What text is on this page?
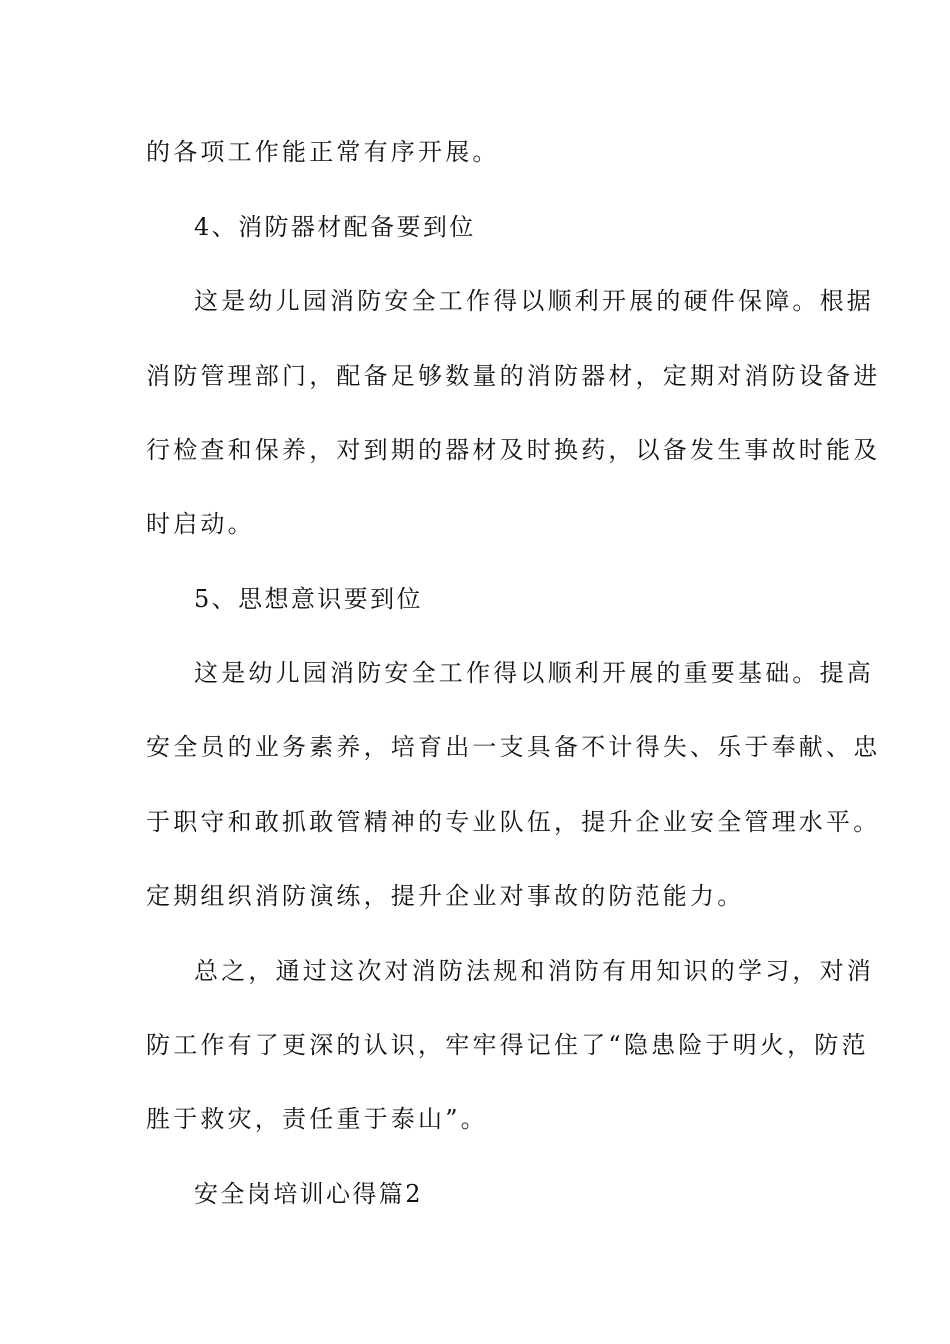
的各项工作能正常有序开展。
4、消防器材配备要到位
这是幼儿园消防安全工作得以顺利开展的硬件保障。根据
消防管理部门，配备足够数量的消防器材，定期对消防设备进
行检查和保养，对到期的器材及时换药，以备发生事故时能及
时启动。
5、思想意识要到位
这是幼儿园消防安全工作得以顺利开展的重要基础。提高
安全员的业务素养，培育出一支具备不计得失、乐于奉献、忠
于职守和敢抓敢管精神的专业队伍，提升企业安全管理水平。
定期组织消防演练，提升企业对事故的防范能力。
总之，通过这次对消防法规和消防有用知识的学习，对消
防工作有了更深的认识，牢牢得记住了“隐患险于明火，防范
胜于救灾，责任重于泰山”。
安全岗培训心得篇2
